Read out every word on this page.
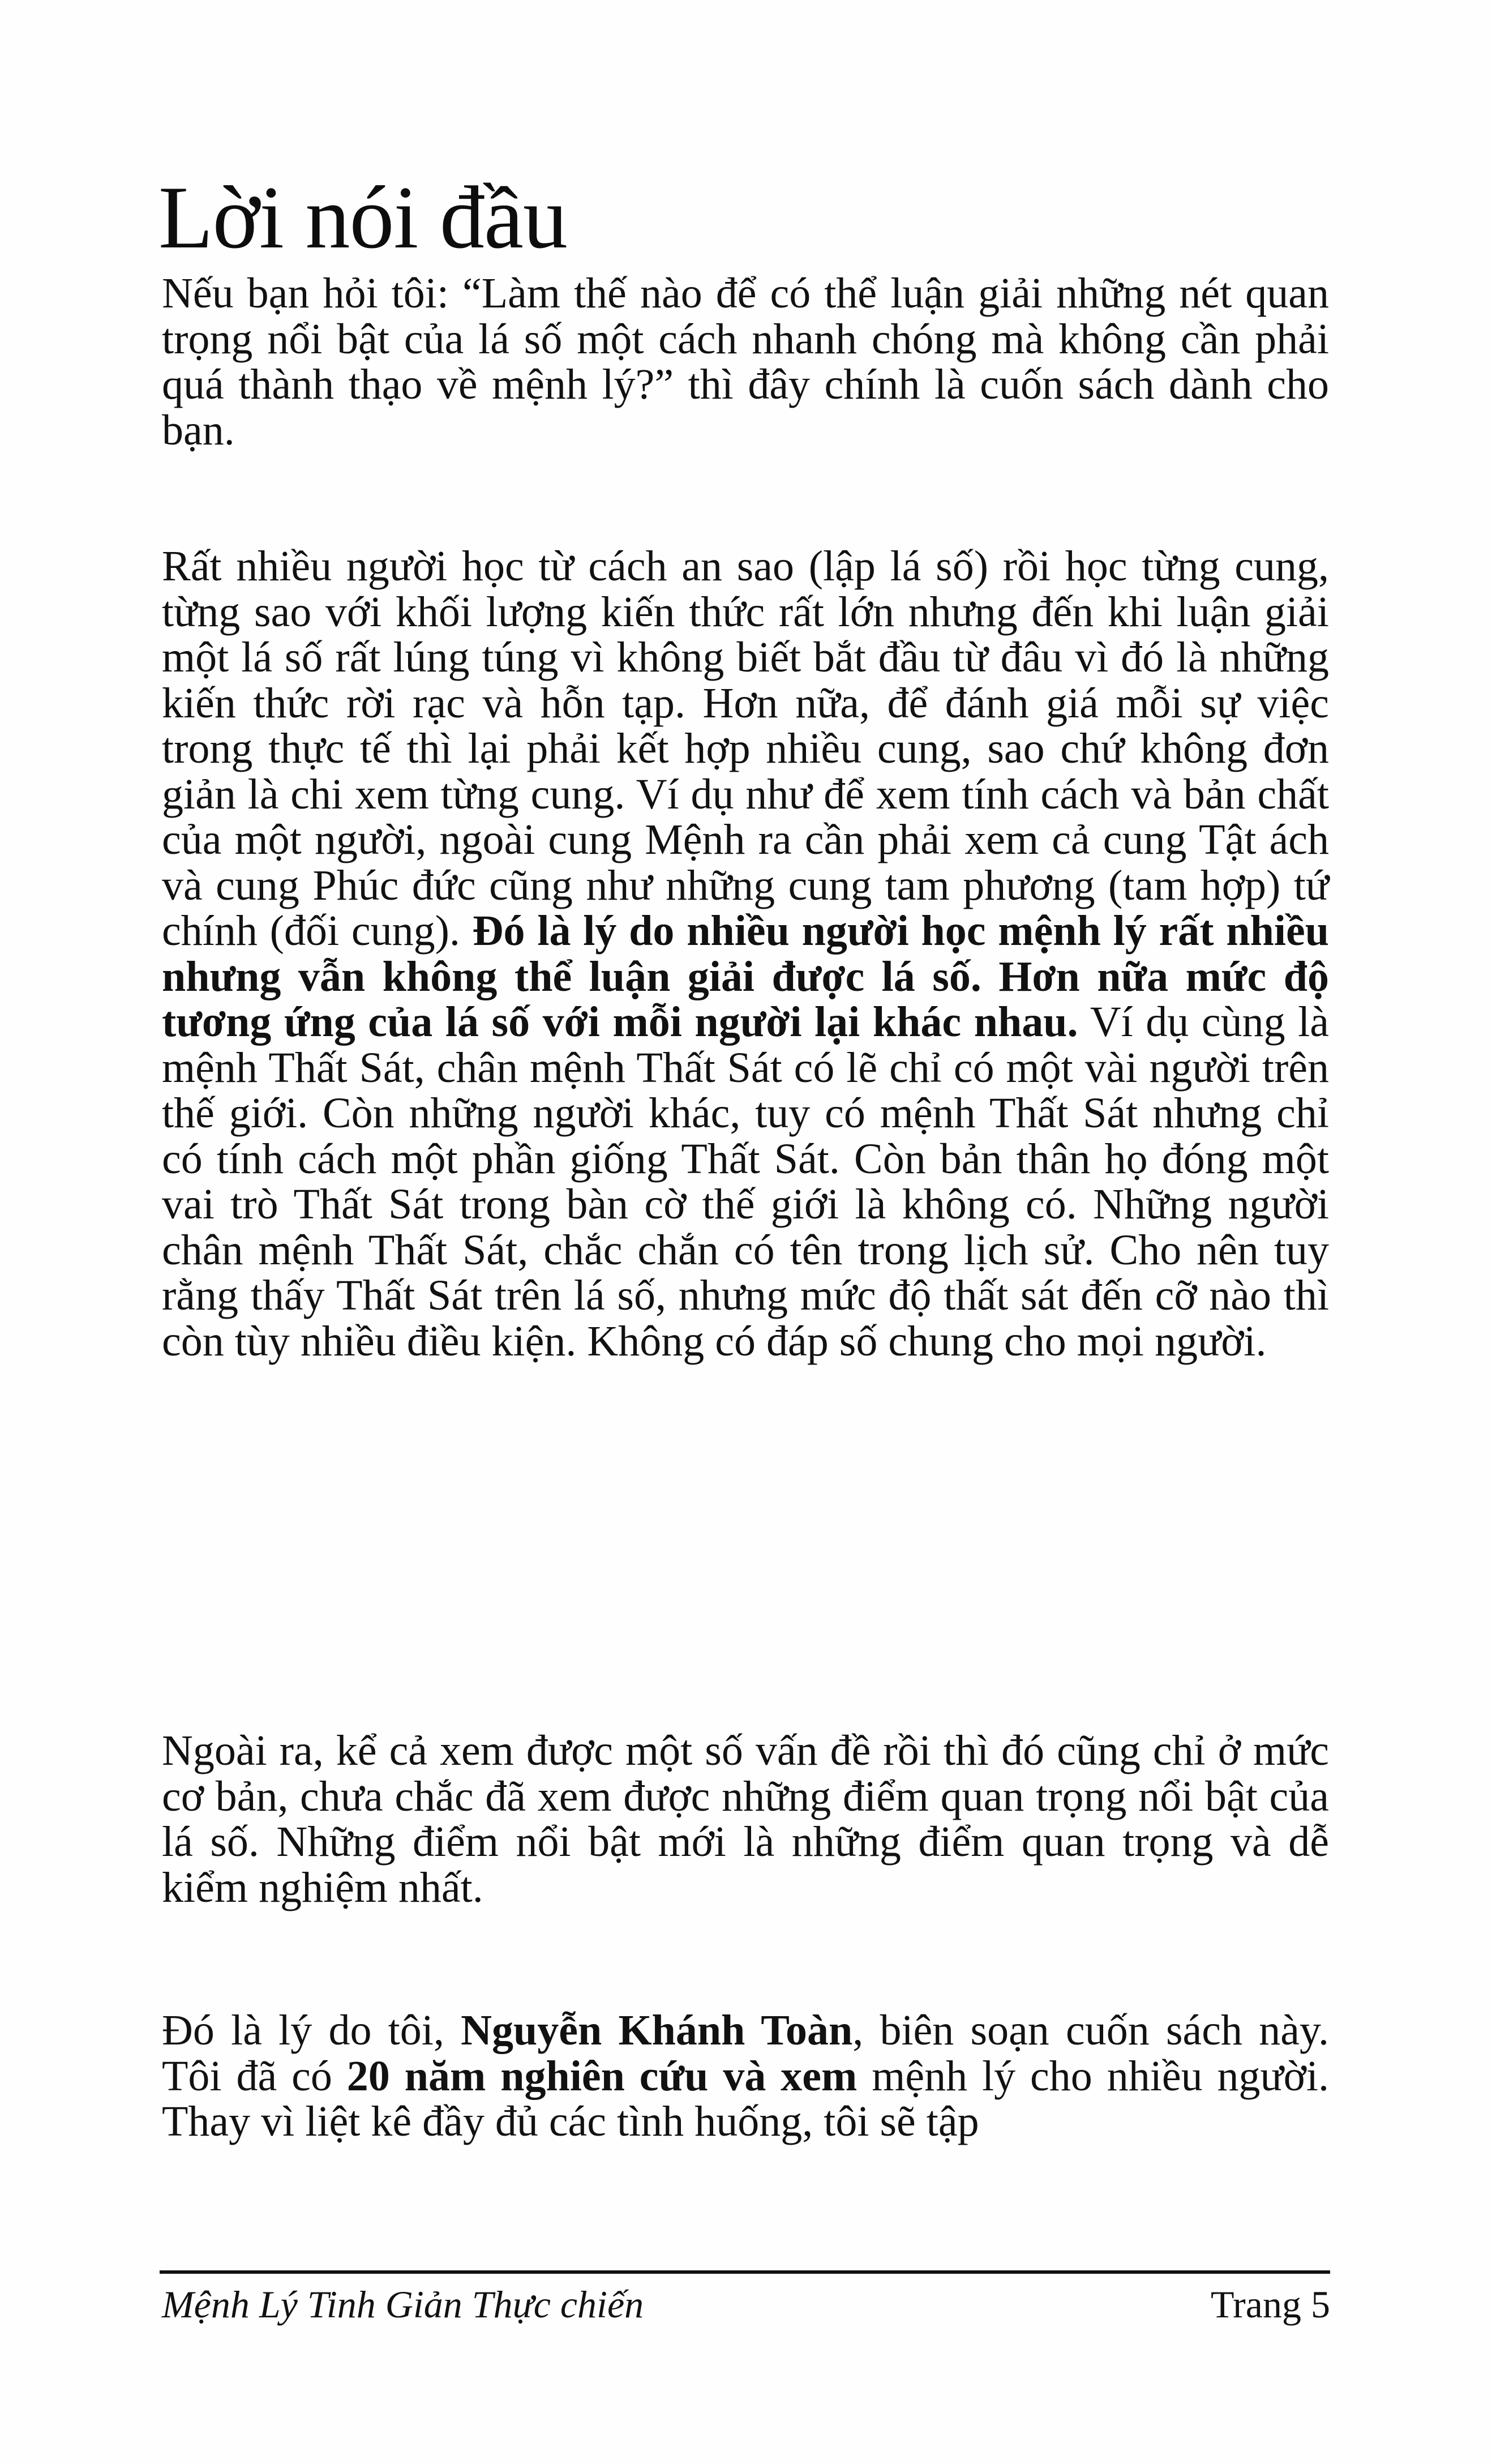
Lời nói đầu

Nếu bạn hỏi tôi: “Làm thế nào để có thể luận giải những nét quan trọng nổi bật của lá số một cách nhanh chóng mà không cần phải quá thành thạo về mệnh lý?” thì đây chính là cuốn sách dành cho bạn.

Rất nhiều người học từ cách an sao (lập lá số) rồi học từng cung, từng sao với khối lượng kiến thức rất lớn nhưng đến khi luận giải một lá số rất lúng túng vì không biết bắt đầu từ đâu vì đó là những kiến thức rời rạc và hỗn tạp. Hơn nữa, để đánh giá mỗi sự việc trong thực tế thì lại phải kết hợp nhiều cung, sao chứ không đơn giản là chi xem từng cung. Ví dụ như để xem tính cách và bản chất của một người, ngoài cung Mệnh ra cần phải xem cả cung Tật ách và cung Phúc đức cũng như những cung tam phương (tam hợp) tứ chính (đối cung). Đó là lý do nhiều người học mệnh lý rất nhiều nhưng vẫn không thể luận giải được lá số. Hơn nữa mức độ tương ứng của lá số với mỗi người lại khác nhau. Ví dụ cùng là mệnh Thất Sát, chân mệnh Thất Sát có lẽ chỉ có một vài người trên thế giới. Còn những người khác, tuy có mệnh Thất Sát nhưng chỉ có tính cách một phần giống Thất Sát. Còn bản thân họ đóng một vai trò Thất Sát trong bàn cờ thế giới là không có. Những người chân mệnh Thất Sát, chắc chắn có tên trong lịch sử. Cho nên tuy rằng thấy Thất Sát trên lá số, nhưng mức độ thất sát đến cỡ nào thì còn tùy nhiều điều kiện. Không có đáp số chung cho mọi người.

Ngoài ra, kể cả xem được một số vấn đề rồi thì đó cũng chỉ ở mức cơ bản, chưa chắc đã xem được những điểm quan trọng nổi bật của lá số. Những điểm nổi bật mới là những điểm quan trọng và dễ kiểm nghiệm nhất.

Đó là lý do tôi, Nguyễn Khánh Toàn, biên soạn cuốn sách này. Tôi đã có 20 năm nghiên cứu và xem mệnh lý cho nhiều người. Thay vì liệt kê đầy đủ các tình huống, tôi sẽ tập

Mệnh Lý Tinh Giản Thực chiến	Trang 5
